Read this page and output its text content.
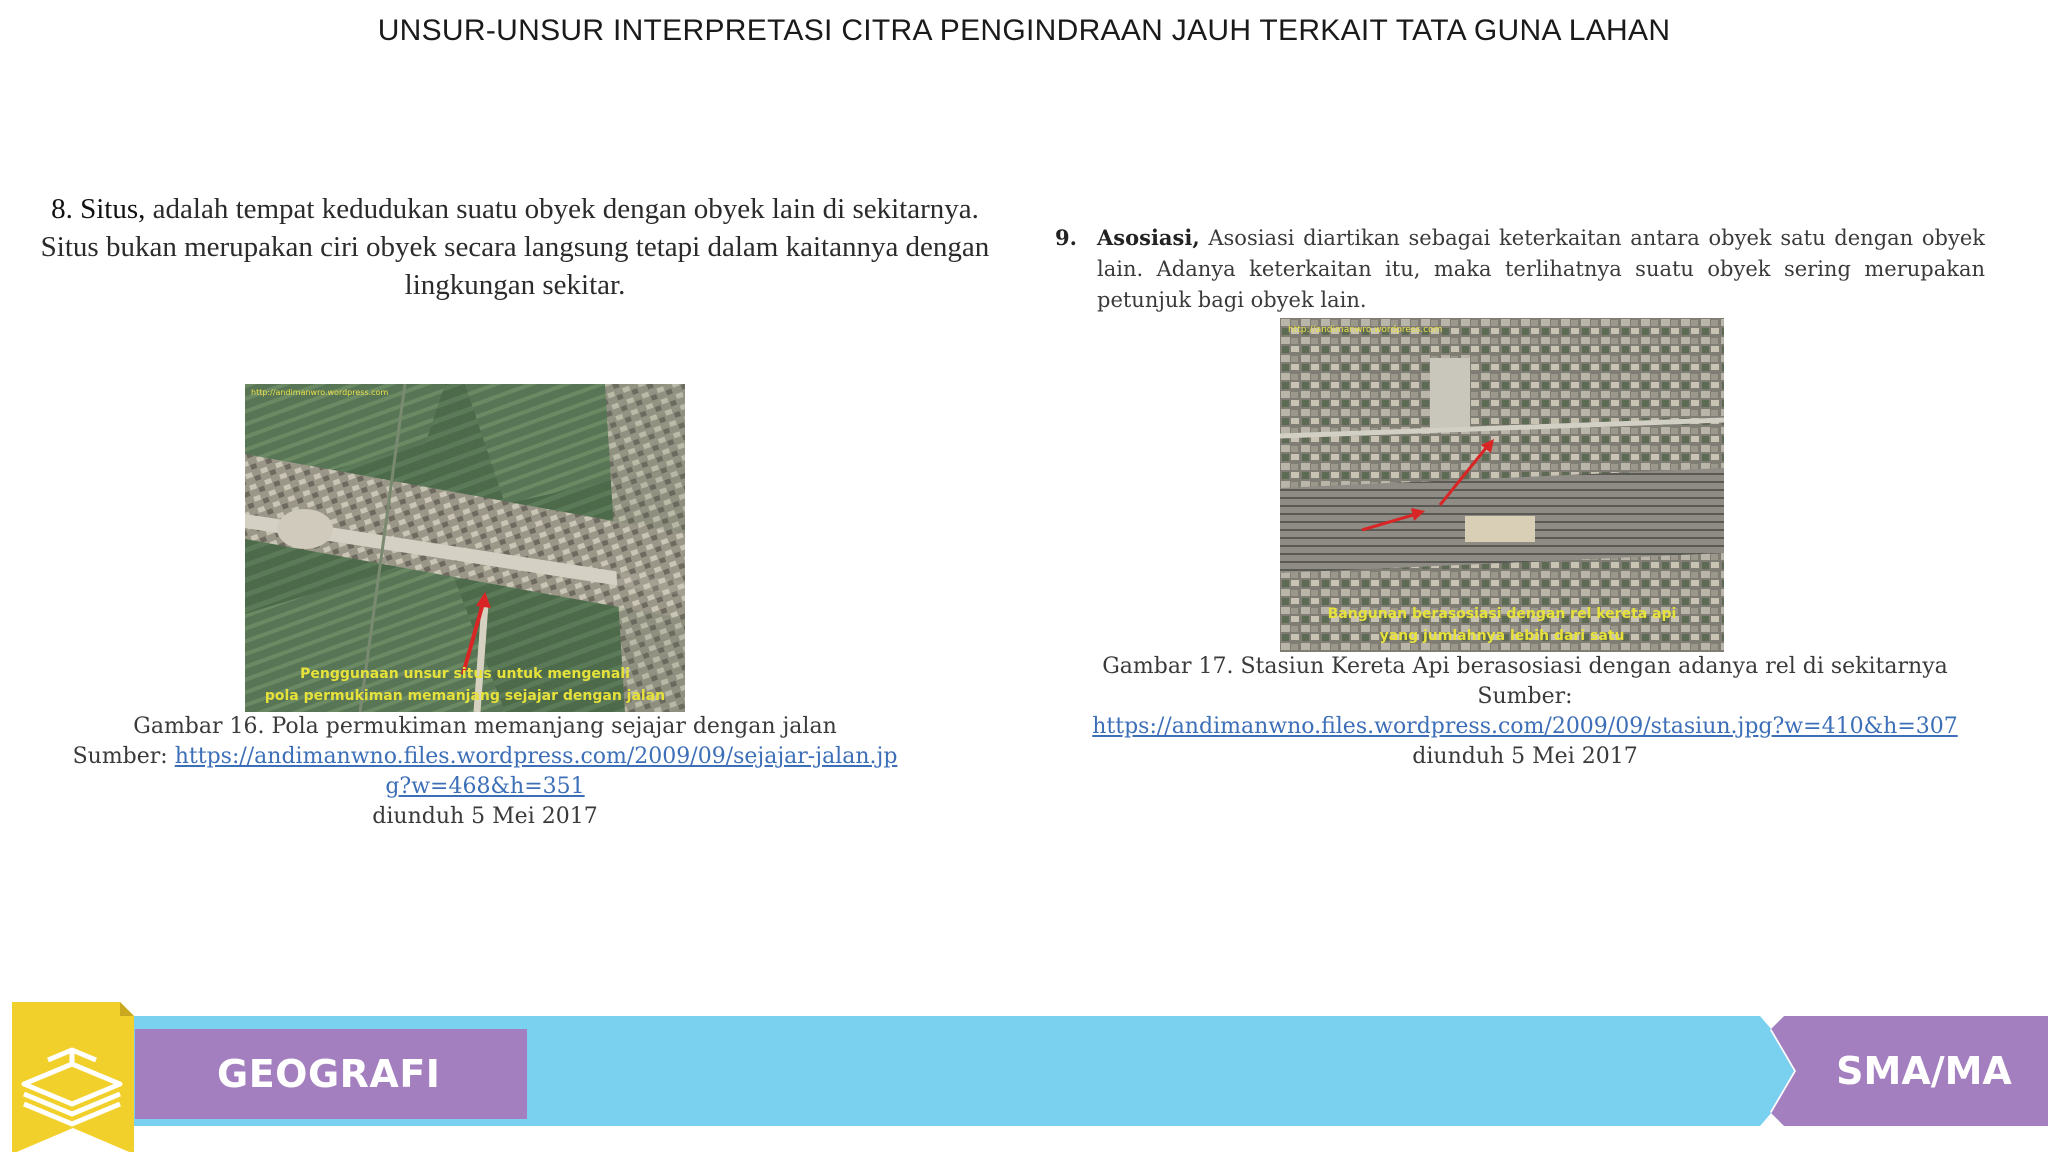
UNSUR-UNSUR INTERPRETASI CITRA PENGINDRAAN JAUH TERKAIT TATA GUNA LAHAN
8. Situs, adalah tempat kedudukan suatu obyek dengan obyek lain di sekitarnya. Situs bukan merupakan ciri obyek secara langsung tetapi dalam kaitannya dengan lingkungan sekitar.
http://andimanwro.wordpress.com
Penggunaan unsur situs untuk mengenali
pola permukiman memanjang sejajar dengan jalan
Gambar 16. Pola permukiman memanjang sejajar dengan jalan
Sumber: https://andimanwno.files.wordpress.com/2009/09/sejajar-jalan.jpg?w=468&h=351
diunduh 5 Mei 2017
9. Asosiasi, Asosiasi diartikan sebagai keterkaitan antara obyek satu dengan obyek lain. Adanya keterkaitan itu, maka terlihatnya suatu obyek sering merupakan petunjuk bagi obyek lain.
http://andimanwro.wordpress.com
Bangunan berasosiasi dengan rel kereta api
yang jumlahnya lebih dari satu
Gambar 17. Stasiun Kereta Api berasosiasi dengan adanya rel di sekitarnya
Sumber:
https://andimanwno.files.wordpress.com/2009/09/stasiun.jpg?w=410&h=307
diunduh 5 Mei 2017
GEOGRAFI	SMA/MA
